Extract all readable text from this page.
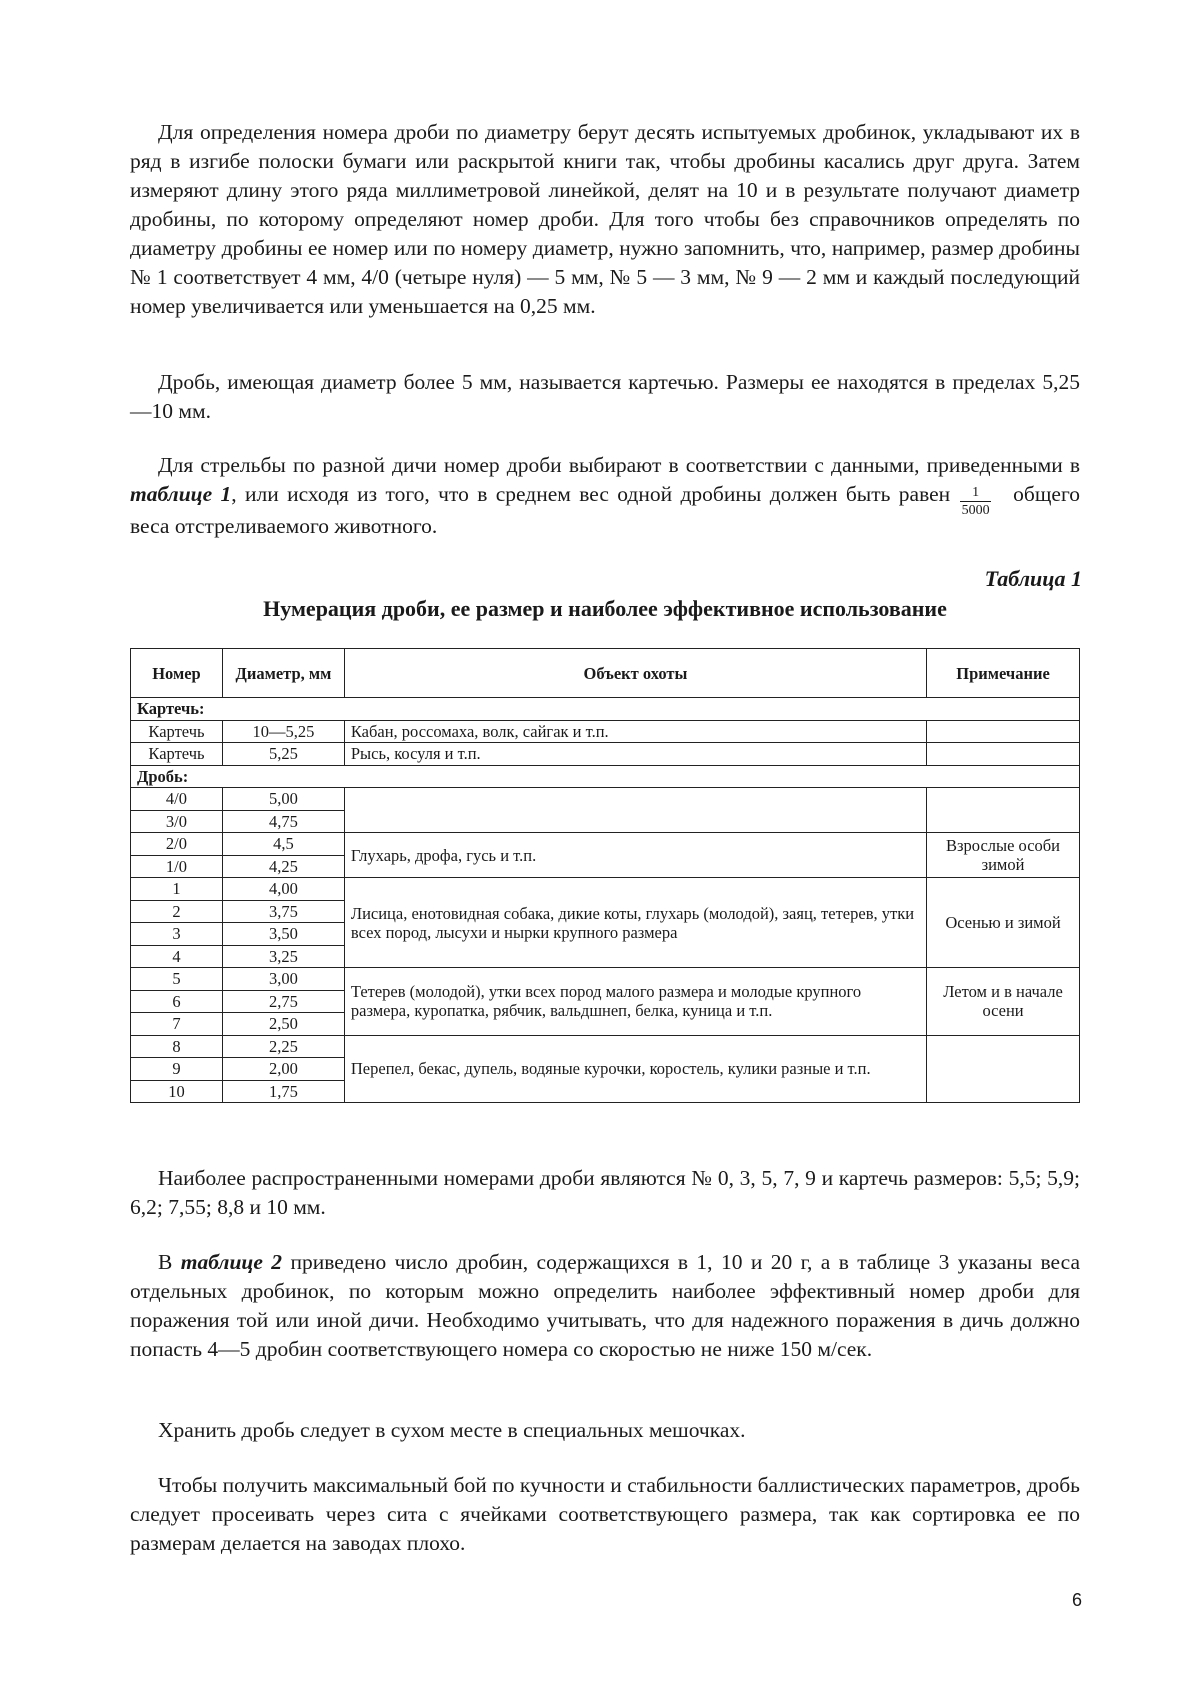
Для определения номера дроби по диаметру берут десять испытуемых дробинок, укладывают их в ряд в изгибе полоски бумаги или раскрытой книги так, чтобы дробины касались друг друга. Затем измеряют длину этого ряда миллиметровой линейкой, делят на 10 и в результате получают диаметр дробины, по которому определяют номер дроби. Для того чтобы без справочников определять по диаметру дробины ее номер или по номеру диаметр, нужно запомнить, что, например, размер дробины № 1 соответствует 4 мм, 4/0 (четыре нуля) — 5 мм, № 5 — 3 мм, № 9 — 2 мм и каждый последующий номер увеличивается или уменьшается на 0,25 мм.

Дробь, имеющая диаметр более 5 мм, называется картечью. Размеры ее находятся в пределах 5,25—10 мм.

Для стрельбы по разной дичи номер дроби выбирают в соответствии с данными, приведенными в таблице 1, или исходя из того, что в среднем вес одной дробины должен быть равен $\frac{1}{5000}$ общего веса отстреливаемого животного.

Таблица 1
Нумерация дроби, ее размер и наиболее эффективное использование
Номер	Диаметр, мм	Объект охоты	Примечание
Картечь:			
Картечь	10—5,25	Кабан, россомаха, волк, сайгак и т.п.	
Картечь	5,25	Рысь, косуля и т.п.	
Дробь:			
4/0	5,00		
3/0	4,75		
2/0	4,5	Глухарь, дрофа, гусь и т.п.	Взрослые особи зимой
1/0	4,25		
1	4,00	Лисица, енотовидная собака, дикие коты, глухарь (молодой), заяц, тетерев, утки всех пород, лысухи и нырки крупного размера	Осенью и зимой
2	3,75		
3	3,50		
4	3,25		
5	3,00	Тетерев (молодой), утки всех пород малого размера и молодые крупного размера, куропатка, рябчик, вальдшнеп, белка, куница и т.п.	Летом и в начале осени
6	2,75		
7	2,50		
8	2,25	Перепел, бекас, дупель, водяные курочки, коростель, кулики разные и т.п.	
9	2,00		
10	1,75		

Наиболее распространенными номерами дроби являются № 0, 3, 5, 7, 9 и картечь размеров: 5,5; 5,9; 6,2; 7,55; 8,8 и 10 мм.

В таблице 2 приведено число дробин, содержащихся в 1, 10 и 20 г, а в таблице 3 указаны веса отдельных дробинок, по которым можно определить наиболее эффективный номер дроби для поражения той или иной дичи. Необходимо учитывать, что для надежного поражения в дичь должно попасть 4—5 дробин соответствующего номера со скоростью не ниже 150 м/сек.

Хранить дробь следует в сухом месте в специальных мешочках.

Чтобы получить максимальный бой по кучности и стабильности баллистических параметров, дробь следует просеивать через сита с ячейками соответствующего размера, так как сортировка ее по размерам делается на заводах плохо.

6
